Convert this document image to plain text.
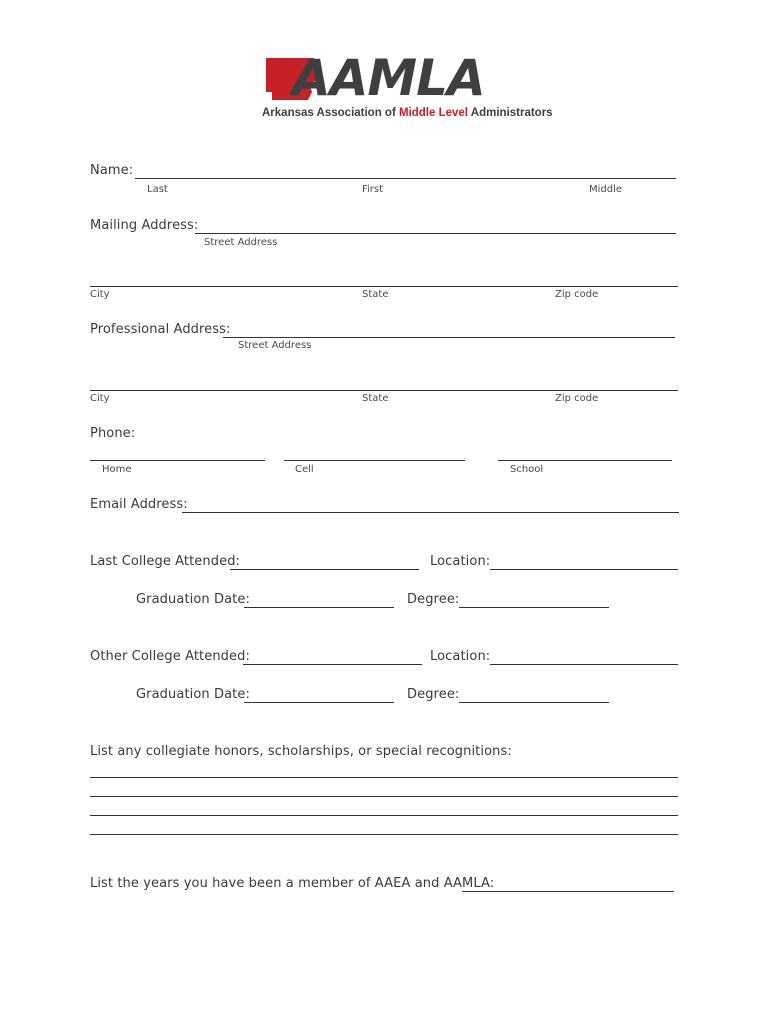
AAMLA
Arkansas Association of Middle Level Administrators
Name:
Last	First	Middle
Mailing Address:
Street Address
City	State	Zip code
Professional Address:
Street Address
City	State	Zip code
Phone:
Home	Cell	School
Email Address:
Last College Attended:	Location:
Graduation Date:	Degree:
Other College Attended:	Location:
Graduation Date:	Degree:
List any collegiate honors, scholarships, or special recognitions:
List the years you have been a member of AAEA and AAMLA:
